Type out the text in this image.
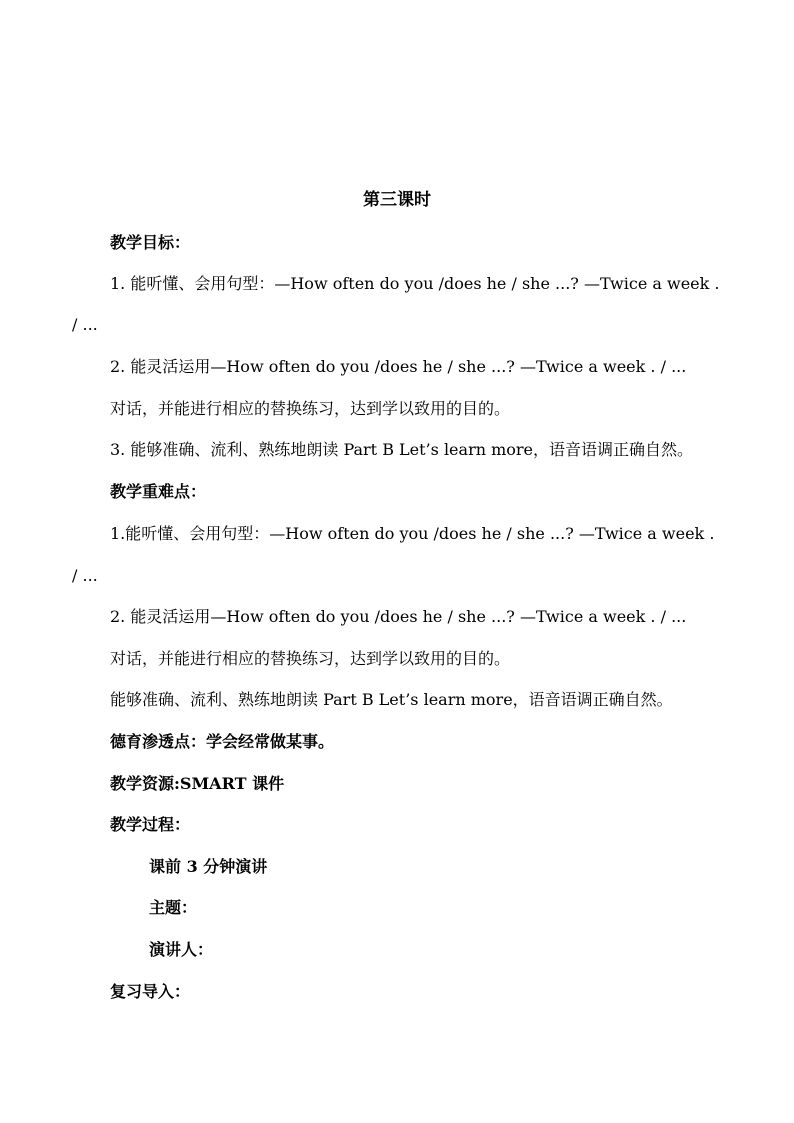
第三课时
教学目标：
1. 能听懂、会用句型：—How often do you /does he / she ...? —Twice a week .
/ ...
2. 能灵活运用—How often do you /does he / she ...? —Twice a week . / ...
对话，并能进行相应的替换练习，达到学以致用的目的。
3. 能够准确、流利、熟练地朗读 Part B Let’s learn more，语音语调正确自然。
教学重难点：
1.能听懂、会用句型：—How often do you /does he / she ...? —Twice a week .
/ ...
2. 能灵活运用—How often do you /does he / she ...? —Twice a week . / ...
对话，并能进行相应的替换练习，达到学以致用的目的。
能够准确、流利、熟练地朗读 Part B Let’s learn more，语音语调正确自然。
德育渗透点：学会经常做某事。
教学资源:SMART 课件
教学过程：
课前 3 分钟演讲
主题：
演讲人：
复习导入：
